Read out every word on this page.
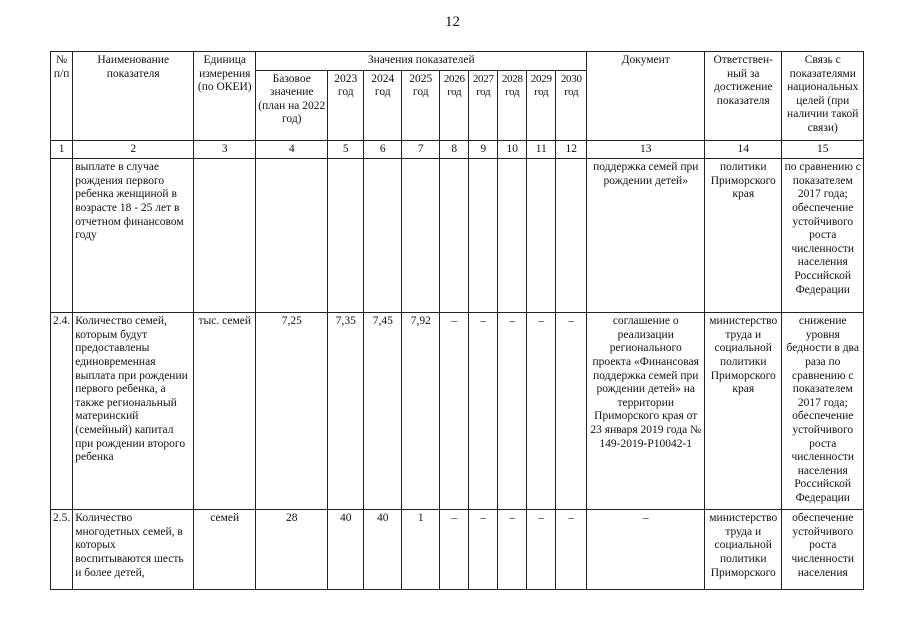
12
№ п/п	Наименование показателя	Единица измерения (по ОКЕИ)	Значения показателей									Документ	Ответствен-ный за достижение показателя	Связь с показателями национальных целей (при наличии такой связи)
			Базовое значение (план на 2022 год)	2023 год	2024 год	2025 год	2026 год	2027 год	2028 год	2029 год	2030 год			
1	2	3	4	5	6	7	8	9	10	11	12	13	14	15
	выплате в случае рождения первого ребенка женщиной в возрасте 18 - 25 лет в отчетном финансовом году											поддержка семей при рождении детей»	политики Приморского края	по сравнению с показателем 2017 года; обеспечение устойчивого роста численности населения Российской Федерации
2.4.	Количество семей, которым будут предоставлены единовременная выплата при рождении первого ребенка, а также региональный материнский (семейный) капитал при рождении второго ребенка	тыс. семей	7,25	7,35	7,45	7,92	–	–	–	–	–	соглашение о реализации регионального проекта «Финансовая поддержка семей при рождении детей» на территории Приморского края от 23 января 2019 года № 149-2019-Р10042-1	министерство труда и социальной политики Приморского края	снижение уровня бедности в два раза по сравнению с показателем 2017 года; обеспечение устойчивого роста численности населения Российской Федерации
2.5.	Количество многодетных семей, в которых воспитываются шесть и более детей,	семей	28	40	40	1	–	–	–	–	–	–	министерство труда и социальной политики Приморского	обеспечение устойчивого роста численности населения
